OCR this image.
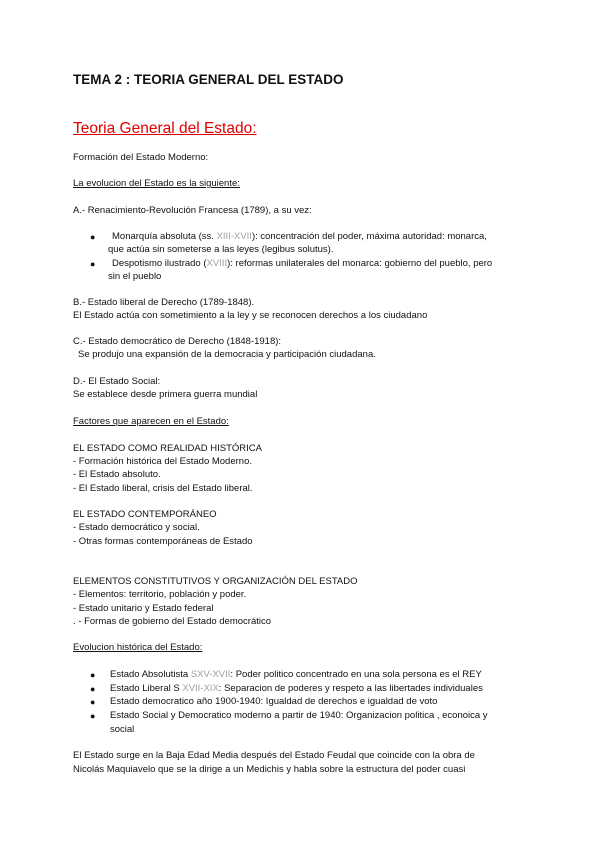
TEMA 2 : TEORIA GENERAL DEL ESTADO
Teoria General del Estado:
Formación del Estado Moderno:
La evolucion del Estado es la siguiente:
A.- Renacimiento-Revolución Francesa (1789), a su vez:
● Monarquía absoluta (ss. XIII-XVII): concentración del poder, máxima autoridad: monarca,
que actúa sin someterse a las leyes (legibus solutus).
● Despotismo ilustrado (XVIII): reformas unilaterales del monarca: gobierno del pueblo, pero
sin el pueblo
B.- Estado liberal de Derecho (1789-1848).
El Estado actúa con sometimiento a la ley y se reconocen derechos a los ciudadano
C.- Estado democrático de Derecho (1848-1918):
Se produjo una expansión de la democracia y participación ciudadana.
D.- El Estado Social:
Se establece desde primera guerra mundial
Factores que aparecen en el Estado:
EL ESTADO COMO REALIDAD HISTÓRICA
- Formación histórica del Estado Moderno.
- El Estado absoluto.
- El Estado liberal, crisis del Estado liberal.
EL ESTADO CONTEMPORÁNEO
- Estado democrático y social.
- Otras formas contemporáneas de Estado
ELEMENTOS CONSTITUTIVOS Y ORGANIZACIÓN DEL ESTADO
- Elementos: territorio, población y poder.
- Estado unitario y Estado federal
. - Formas de gobierno del Estado democrático
Evolucion histórica del Estado:
● Estado Absolutista SXV-XVII: Poder politico concentrado en una sola persona es el REY
● Estado Liberal S XVII-XIX: Separacion de poderes y respeto a las libertades individuales
● Estado democratico año 1900-1940: Igualdad de derechos e igualdad de voto
● Estado Social y Democratico moderno a partir de 1940: Organizacion politica , econoica y
social
El Estado surge en la Baja Edad Media después del Estado Feudal que coincide con la obra de
Nicolás Maquiavelo que se la dirige a un Medichis y habla sobre la estructura del poder cuasi
